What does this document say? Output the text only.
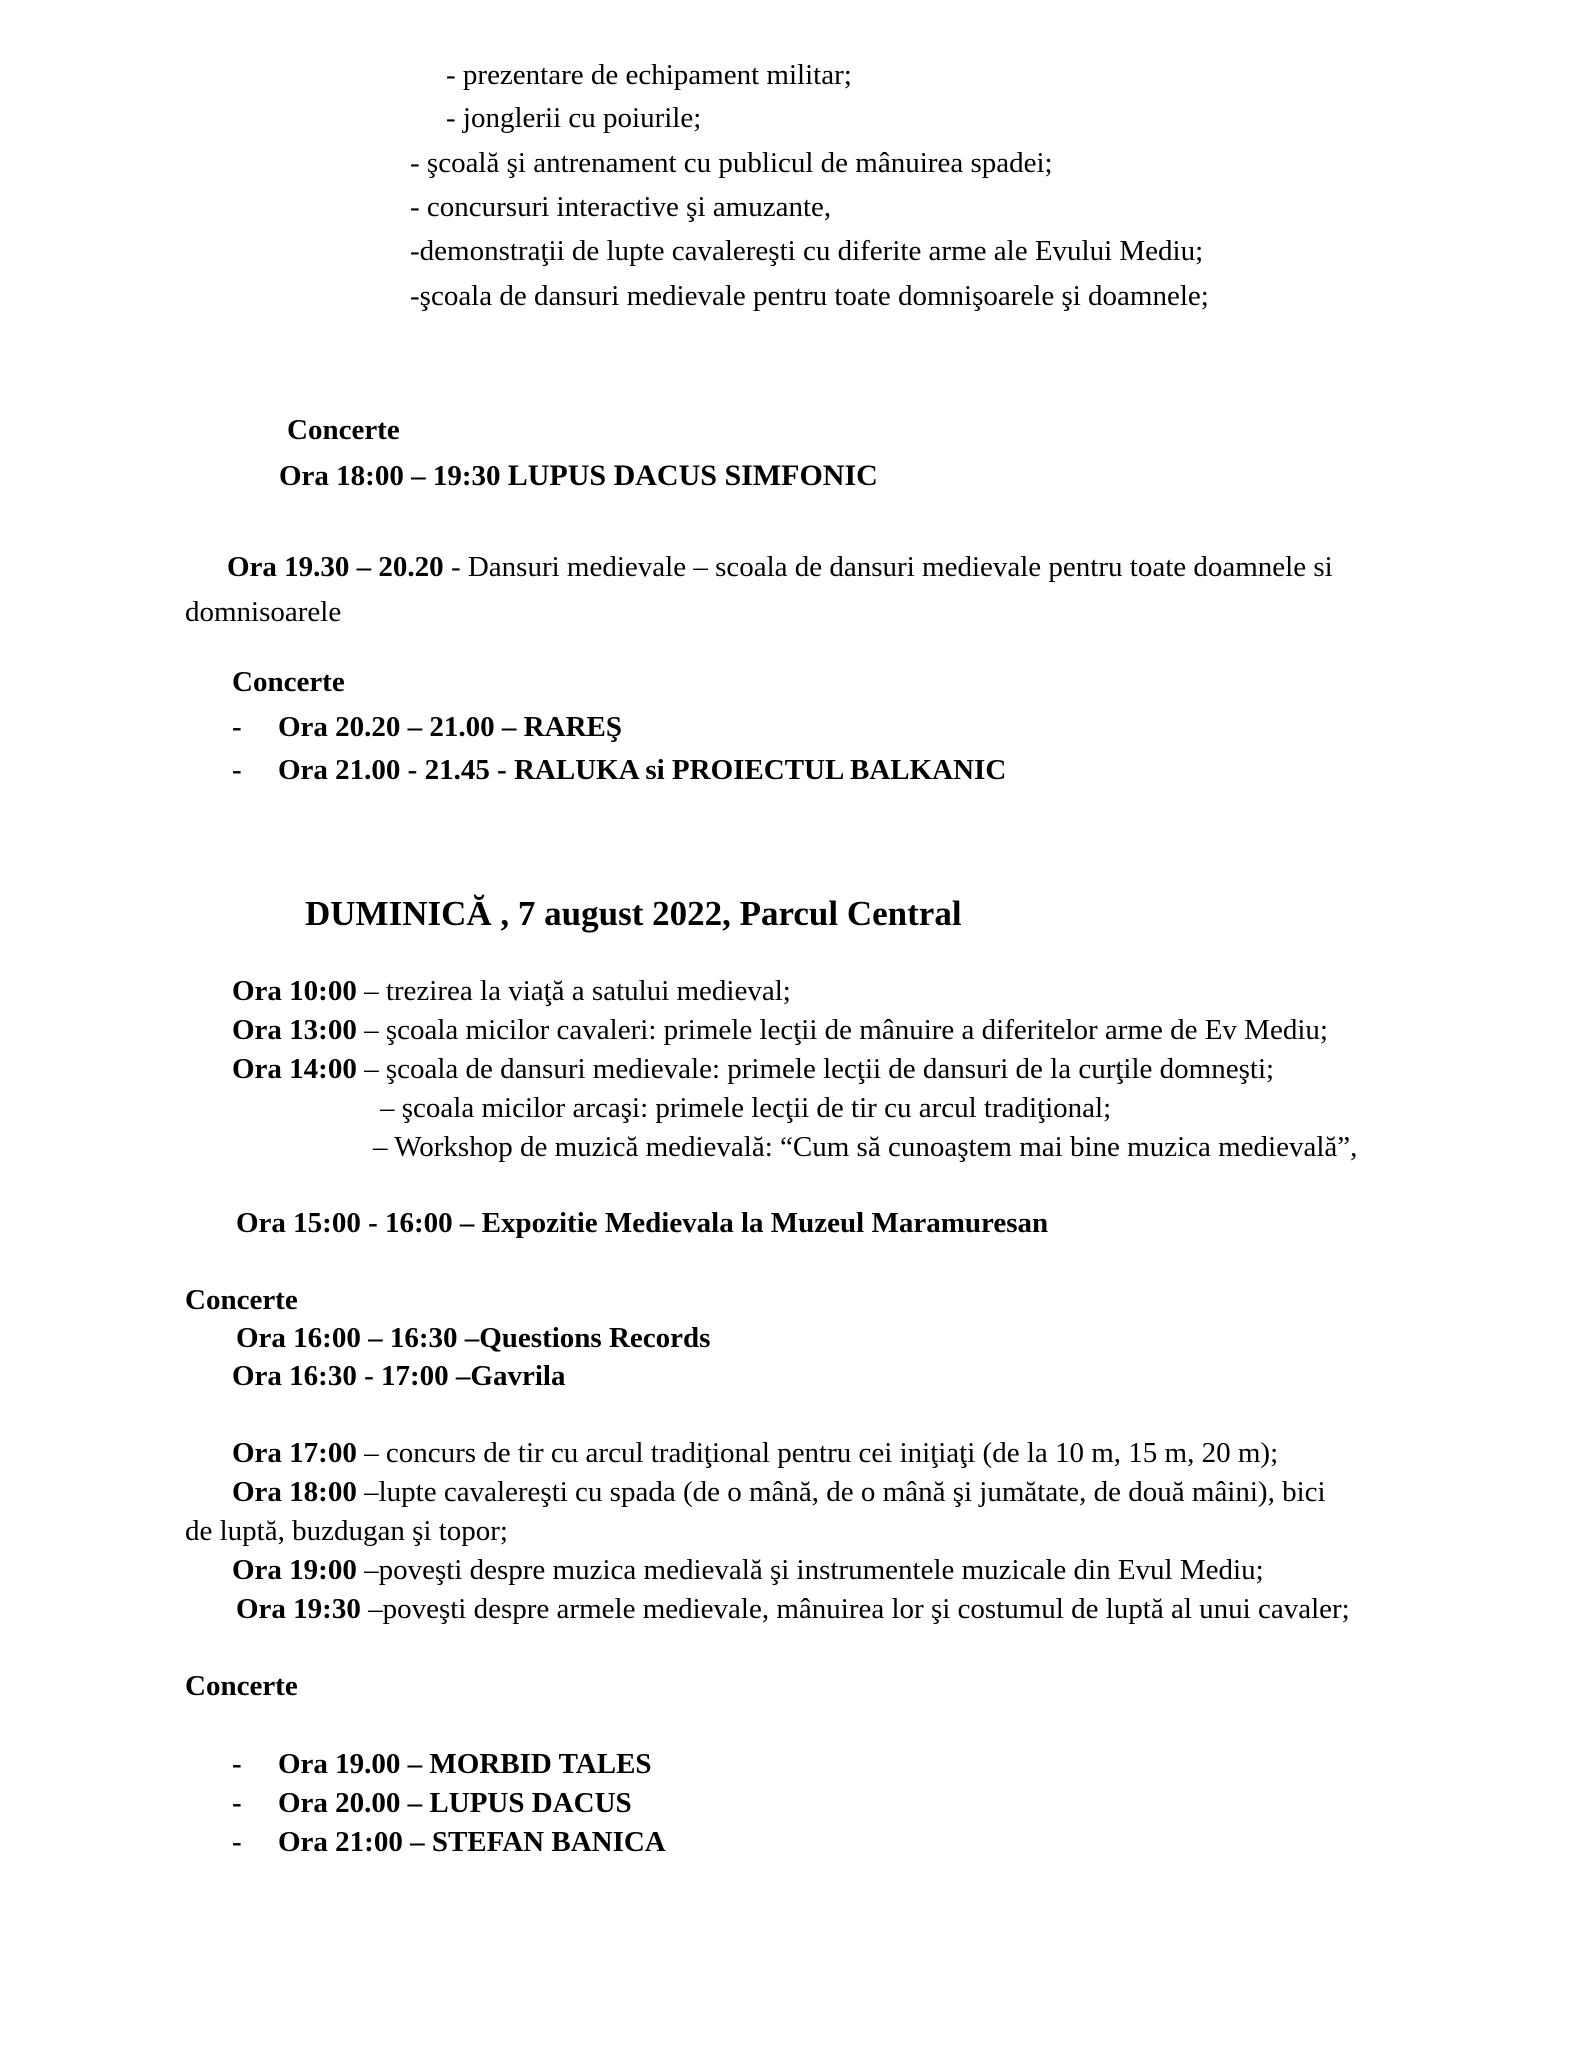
- prezentare de echipament militar;
- jonglerii cu poiurile;
- şcoală şi antrenament cu publicul de mânuirea spadei;
- concursuri interactive şi amuzante,
-demonstraţii de lupte cavalereşti cu diferite arme ale Evului Mediu;
-şcoala de dansuri medievale pentru toate domnişoarele şi doamnele;
Concerte
Ora 18:00 – 19:30 LUPUS DACUS SIMFONIC
Ora 19.30 – 20.20 - Dansuri medievale – scoala de dansuri medievale pentru toate doamnele si
domnisoarele
Concerte
- Ora 20.20 – 21.00 – RAREŞ
- Ora 21.00 - 21.45 - RALUKA si PROIECTUL BALKANIC
DUMINICĂ , 7 august 2022, Parcul Central
Ora 10:00 – trezirea la viaţă a satului medieval;
Ora 13:00 – şcoala micilor cavaleri: primele lecţii de mânuire a diferitelor arme de Ev Mediu;
Ora 14:00 – şcoala de dansuri medievale: primele lecţii de dansuri de la curţile domneşti;
– şcoala micilor arcaşi: primele lecţii de tir cu arcul tradiţional;
– Workshop de muzică medievală: “Cum să cunoaştem mai bine muzica medievală”,
Ora 15:00 - 16:00 – Expozitie Medievala la Muzeul Maramuresan
Concerte
Ora 16:00 – 16:30 –Questions Records
Ora 16:30 - 17:00 –Gavrila
Ora 17:00 – concurs de tir cu arcul tradiţional pentru cei iniţiaţi (de la 10 m, 15 m, 20 m);
Ora 18:00 –lupte cavalereşti cu spada (de o mână, de o mână şi jumătate, de două mâini), bici
de luptă, buzdugan şi topor;
Ora 19:00 –poveşti despre muzica medievală şi instrumentele muzicale din Evul Mediu;
Ora 19:30 –poveşti despre armele medievale, mânuirea lor şi costumul de luptă al unui cavaler;
Concerte
- Ora 19.00 – MORBID TALES
- Ora 20.00 – LUPUS DACUS
- Ora 21:00 – STEFAN BANICA
